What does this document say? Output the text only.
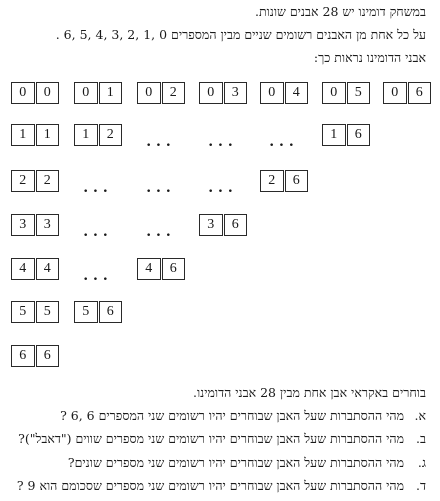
במשחק דומינו יש 28 אבנים שונות.
על כל אחת מן האבנים רשומים שניים מבין המספרים 0 ,1 ,2 ,3 ,4 ,5 ,6 .
אבני הדומינו נראות כך:
0	0	0	1	0	2	0	3	0	4	0	5	0	6
1	1	1	2	...	...	...	1	6
2	2	...	...	...	2	6
3	3	...	...	3	6
4	4	...	4	6
5	5	5	6
6	6
בוחרים באקראי אבן אחת מבין 28 אבני הדומינו.
א.
מהי ההסתברות שעל האבן שבוחרים יהיו רשומים שני המספרים 6 ,6 ?
ב.
מהי ההסתברות שעל האבן שבוחרים יהיו רשומים שני מספרים שווים ("דאבל")?
ג.
מהי ההסתברות שעל האבן שבוחרים יהיו רשומים שני מספרים שונים?
ד.
מהי ההסתברות שעל האבן שבוחרים יהיו רשומים שני מספרים שסכומם הוא 9 ?
